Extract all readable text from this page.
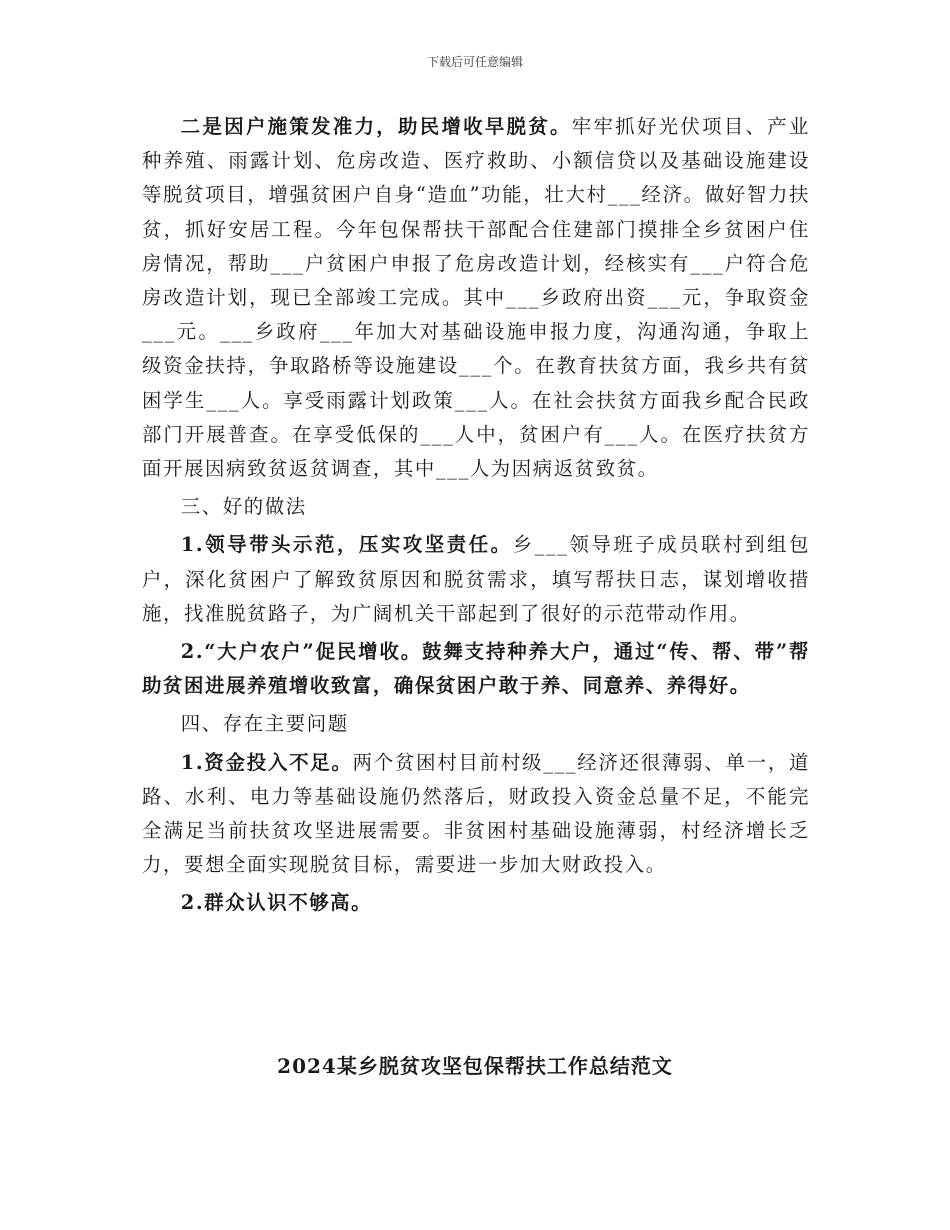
下载后可任意编辑

二是因户施策发准力，助民增收早脱贫。牢牢抓好光伏项目、产业种养殖、雨露计划、危房改造、医疗救助、小额信贷以及基础设施建设等脱贫项目，增强贫困户自身“造血”功能，壮大村___经济。做好智力扶贫，抓好安居工程。今年包保帮扶干部配合住建部门摸排全乡贫困户住房情况，帮助___户贫困户申报了危房改造计划，经核实有___户符合危房改造计划，现已全部竣工完成。其中___乡政府出资___元，争取资金___元。___乡政府___年加大对基础设施申报力度，沟通沟通，争取上级资金扶持，争取路桥等设施建设___个。在教育扶贫方面，我乡共有贫困学生___人。享受雨露计划政策___人。在社会扶贫方面我乡配合民政部门开展普查。在享受低保的___人中，贫困户有___人。在医疗扶贫方面开展因病致贫返贫调查，其中___人为因病返贫致贫。

三、好的做法

1.领导带头示范，压实攻坚责任。乡___领导班子成员联村到组包户，深化贫困户了解致贫原因和脱贫需求，填写帮扶日志，谋划增收措施，找准脱贫路子，为广阔机关干部起到了很好的示范带动作用。

2.“大户农户”促民增收。鼓舞支持种养大户，通过“传、帮、带”帮助贫困进展养殖增收致富，确保贫困户敢于养、同意养、养得好。

四、存在主要问题

1.资金投入不足。两个贫困村目前村级___经济还很薄弱、单一，道路、水利、电力等基础设施仍然落后，财政投入资金总量不足，不能完全满足当前扶贫攻坚进展需要。非贫困村基础设施薄弱，村经济增长乏力，要想全面实现脱贫目标，需要进一步加大财政投入。

2.群众认识不够高。

2024某乡脱贫攻坚包保帮扶工作总结范文
